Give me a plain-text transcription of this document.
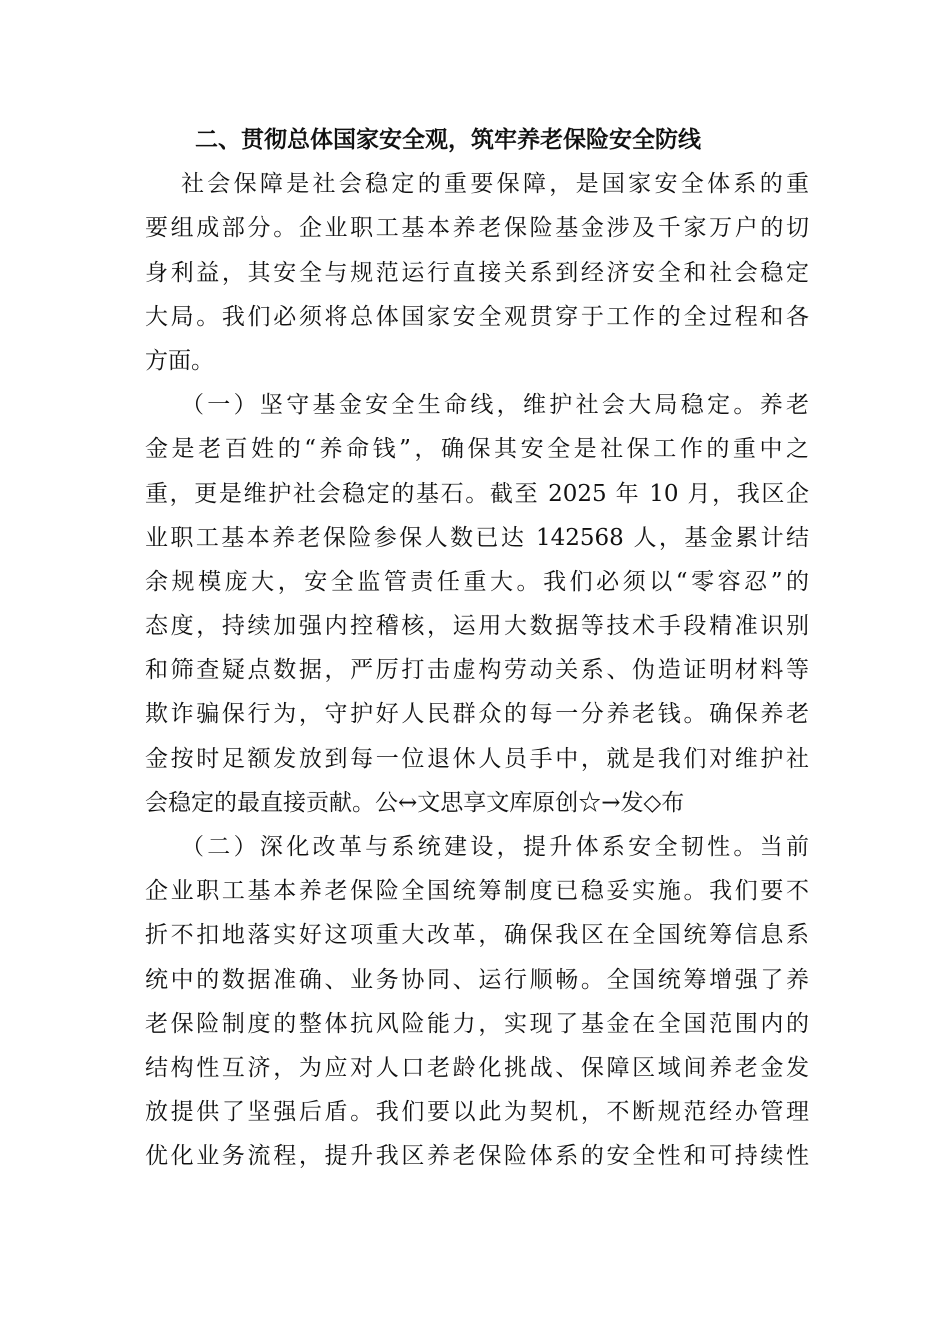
二、贯彻总体国家安全观，筑牢养老保险安全防线
社会保障是社会稳定的重要保障，是国家安全体系的重
要组成部分。企业职工基本养老保险基金涉及千家万户的切
身利益，其安全与规范运行直接关系到经济安全和社会稳定
大局。我们必须将总体国家安全观贯穿于工作的全过程和各
方面。
（一）坚守基金安全生命线，维护社会大局稳定。养老
金是老百姓的“养命钱”，确保其安全是社保工作的重中之
重，更是维护社会稳定的基石。截至 2025 年 10 月，我区企
业职工基本养老保险参保人数已达 142568 人，基金累计结
余规模庞大，安全监管责任重大。我们必须以“零容忍”的
态度，持续加强内控稽核，运用大数据等技术手段精准识别
和筛查疑点数据，严厉打击虚构劳动关系、伪造证明材料等
欺诈骗保行为，守护好人民群众的每一分养老钱。确保养老
金按时足额发放到每一位退休人员手中，就是我们对维护社
会稳定的最直接贡献。公↔文思享文库原创☆→发◇布
（二）深化改革与系统建设，提升体系安全韧性。当前
企业职工基本养老保险全国统筹制度已稳妥实施。我们要不
折不扣地落实好这项重大改革，确保我区在全国统筹信息系
统中的数据准确、业务协同、运行顺畅。全国统筹增强了养
老保险制度的整体抗风险能力，实现了基金在全国范围内的
结构性互济，为应对人口老龄化挑战、保障区域间养老金发
放提供了坚强后盾。我们要以此为契机，不断规范经办管理
优化业务流程，提升我区养老保险体系的安全性和可持续性
